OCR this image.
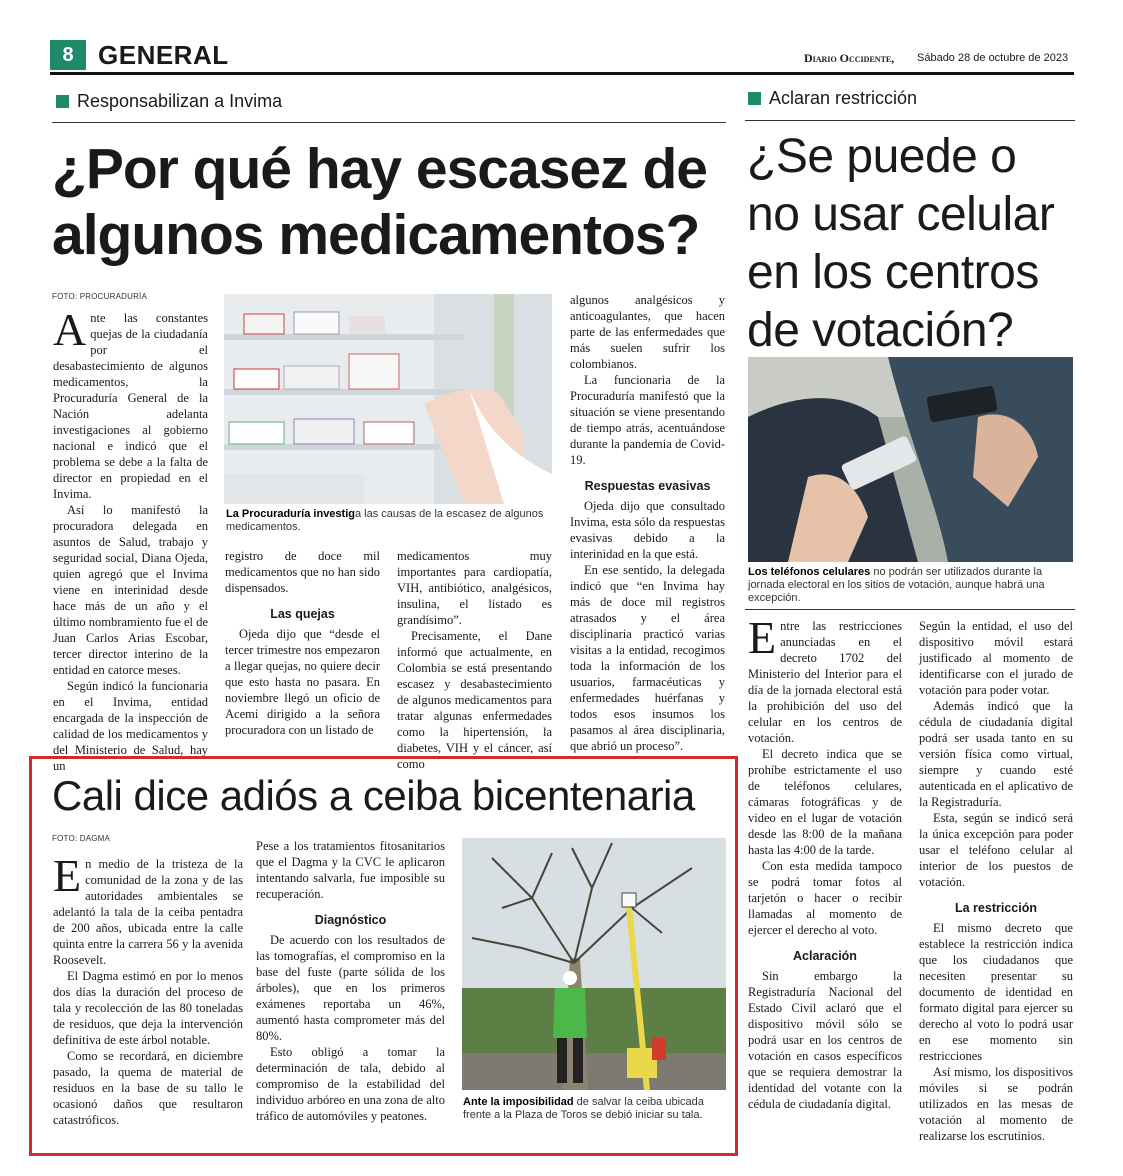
8 GENERAL	Diario Occidente, Sábado 28 de octubre de 2023
Responsabilizan a Invima
¿Por qué hay escasez de
algunos medicamentos?
FOTO: PROCURADURÍA
La Procuraduría investiga las causas de la escasez de algunos medicamentos.

Ante las constantes quejas de la ciudadanía por el desabastecimiento de algunos medicamentos, la Procuraduría General de la Nación adelanta investigaciones al gobierno nacional e indicó que el problema se debe a la falta de director en propiedad en el Invima.

Así lo manifestó la procuradora delegada en asuntos de Salud, trabajo y seguridad social, Diana Ojeda, quien agregó que el Invima viene en interinidad desde hace más de un año y el último nombramiento fue el de Juan Carlos Arias Escobar, tercer director interino de la entidad en catorce meses.

Según indicó la funcionaria en el Invima, entidad encargada de la inspección de calidad de los medicamentos y del Ministerio de Salud, hay un

registro de doce mil medicamentos que no han sido dispensados.

Las quejas

Ojeda dijo que “desde el tercer trimestre nos empezaron a llegar quejas, no quiere decir que esto hasta no pasara. En noviembre llegó un oficio de Acemi dirigido a la señora procuradora con un listado de

medicamentos muy importantes para cardiopatía, VIH, antibiótico, analgésicos, insulina, el listado es grandísimo”.

Precisamente, el Dane informó que actualmente, en Colombia se está presentando escasez y desabastecimiento de algunos medicamentos para tratar algunas enfermedades como la hipertensión, la diabetes, VIH y el cáncer, así como

algunos analgésicos y anticoagulantes, que hacen parte de las enfermedades que más suelen sufrir los colombianos.

La funcionaria de la Procuraduría manifestó que la situación se viene presentando de tiempo atrás, acentuándose durante la pandemia de Covid-19.

Respuestas evasivas

Ojeda dijo que consultado Invima, esta sólo da respuestas evasivas debido a la interinidad en la que está.

En ese sentido, la delegada indicó que “en Invima hay más de doce mil registros atrasados y el área disciplinaria practicó varias visitas a la entidad, recogimos toda la información de los usuarios, farmacéuticas y enfermedades huérfanas y todos esos insumos los pasamos al área disciplinaria, que abrió un proceso”.

Aclaran restricción
¿Se puede o no usar celular en los centros de votación?
Los teléfonos celulares no podrán ser utilizados durante la jornada electoral en los sitios de votación, aunque habrá una excepción.

Entre las restricciones anunciadas en el decreto 1702 del Ministerio del Interior para el día de la jornada electoral está la prohibición del uso del celular en los centros de votación.

El decreto indica que se prohíbe estrictamente el uso de teléfonos celulares, cámaras fotográficas y de video en el lugar de votación desde las 8:00 de la mañana hasta las 4:00 de la tarde.

Con esta medida tampoco se podrá tomar fotos al tarjetón o hacer o recibir llamadas al momento de ejercer el derecho al voto.

Aclaración

Sin embargo la Registraduría Nacional del Estado Civil aclaró que el dispositivo móvil sólo se podrá usar en los centros de votación en casos específicos que se requiera demostrar la identidad del votante con la cédula de ciudadanía digital.

Según la entidad, el uso del dispositivo móvil estará justificado al momento de identificarse con el jurado de votación para poder votar.

Además indicó que la cédula de ciudadanía digital podrá ser usada tanto en su versión física como virtual, siempre y cuando esté autenticada en el aplicativo de la Registraduría.

Esta, según se indicó será la única excepción para poder usar el teléfono celular al interior de los puestos de votación.

La restricción

El mismo decreto que establece la restricción indica que los ciudadanos que necesiten presentar su documento de identidad en formato digital para ejercer su derecho al voto lo podrá usar en ese momento sin restricciones

Así mismo, los dispositivos móviles si se podrán utilizados en las mesas de votación al momento de realizarse los escrutinios.

Cali dice adiós a ceiba bicentenaria
FOTO: DAGMA

En medio de la tristeza de la comunidad de la zona y de las autoridades ambientales se adelantó la tala de la ceiba pentadra de 200 años, ubicada entre la calle quinta entre la carrera 56 y la avenida Roosevelt.

El Dagma estimó en por lo menos dos días la duración del proceso de tala y recolección de las 80 toneladas de residuos, que deja la intervención definitiva de este árbol notable.

Como se recordará, en diciembre pasado, la quema de material de residuos en la base de su tallo le ocasionó daños que resultaron catastróficos.

Pese a los tratamientos fitosanitarios que el Dagma y la CVC le aplicaron intentando salvarla, fue imposible su recuperación.

Diagnóstico

De acuerdo con los resultados de las tomografías, el compromiso en la base del fuste (parte sólida de los árboles), que en los primeros exámenes reportaba un 46%, aumentó hasta comprometer más del 80%.

Esto obligó a tomar la determinación de tala, debido al compromiso de la estabilidad del individuo arbóreo en una zona de alto tráfico de automóviles y peatones.

Ante la imposibilidad de salvar la ceiba ubicada frente a la Plaza de Toros se debió iniciar su tala.
